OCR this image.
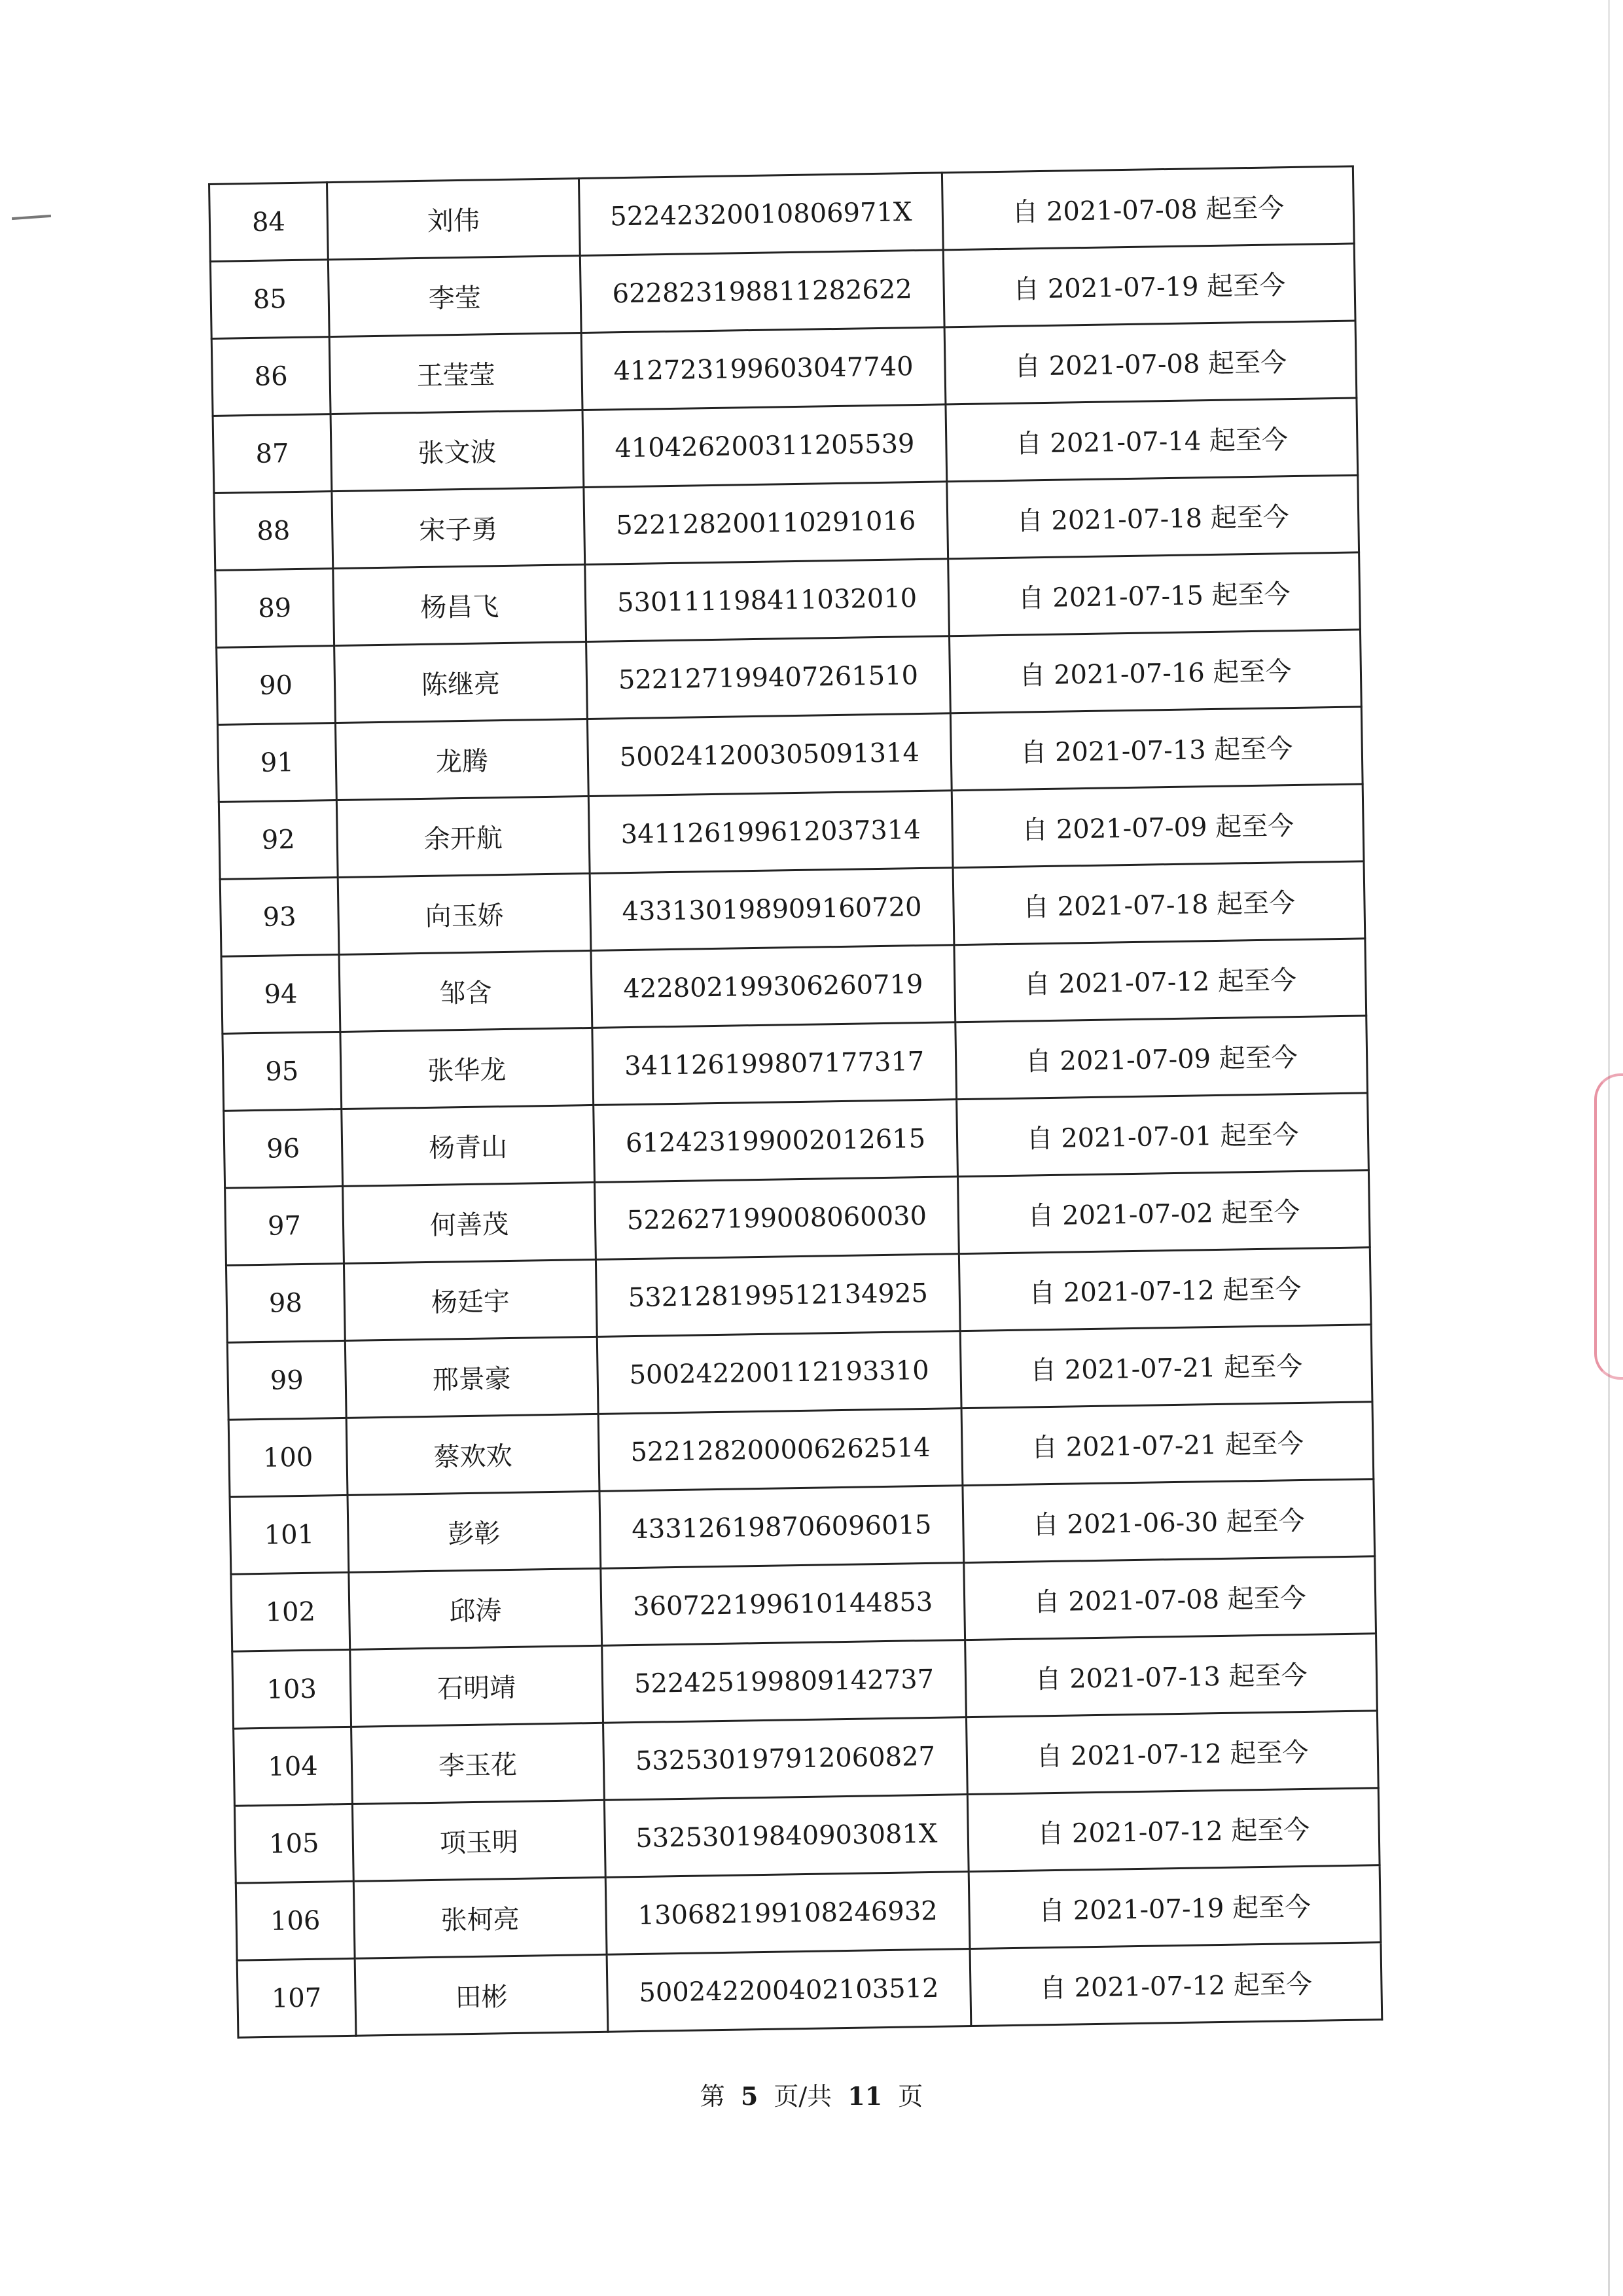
84	刘伟	52242320010806971X	自 2021-07-08 起至今
85	李莹	622823198811282622	自 2021-07-19 起至今
86	王莹莹	412723199603047740	自 2021-07-08 起至今
87	张文波	410426200311205539	自 2021-07-14 起至今
88	宋子勇	522128200110291016	自 2021-07-18 起至今
89	杨昌飞	530111198411032010	自 2021-07-15 起至今
90	陈继亮	522127199407261510	自 2021-07-16 起至今
91	龙腾	500241200305091314	自 2021-07-13 起至今
92	余开航	341126199612037314	自 2021-07-09 起至今
93	向玉娇	433130198909160720	自 2021-07-18 起至今
94	邹含	422802199306260719	自 2021-07-12 起至今
95	张华龙	341126199807177317	自 2021-07-09 起至今
96	杨青山	612423199002012615	自 2021-07-01 起至今
97	何善茂	522627199008060030	自 2021-07-02 起至今
98	杨廷宇	532128199512134925	自 2021-07-12 起至今
99	邢景豪	500242200112193310	自 2021-07-21 起至今
100	蔡欢欢	522128200006262514	自 2021-07-21 起至今
101	彭彰	433126198706096015	自 2021-06-30 起至今
102	邱涛	360722199610144853	自 2021-07-08 起至今
103	石明靖	522425199809142737	自 2021-07-13 起至今
104	李玉花	532530197912060827	自 2021-07-12 起至今
105	项玉明	53253019840903081X	自 2021-07-12 起至今
106	张柯亮	130682199108246932	自 2021-07-19 起至今
107	田彬	500242200402103512	自 2021-07-12 起至今
第 5 页/共 11 页
